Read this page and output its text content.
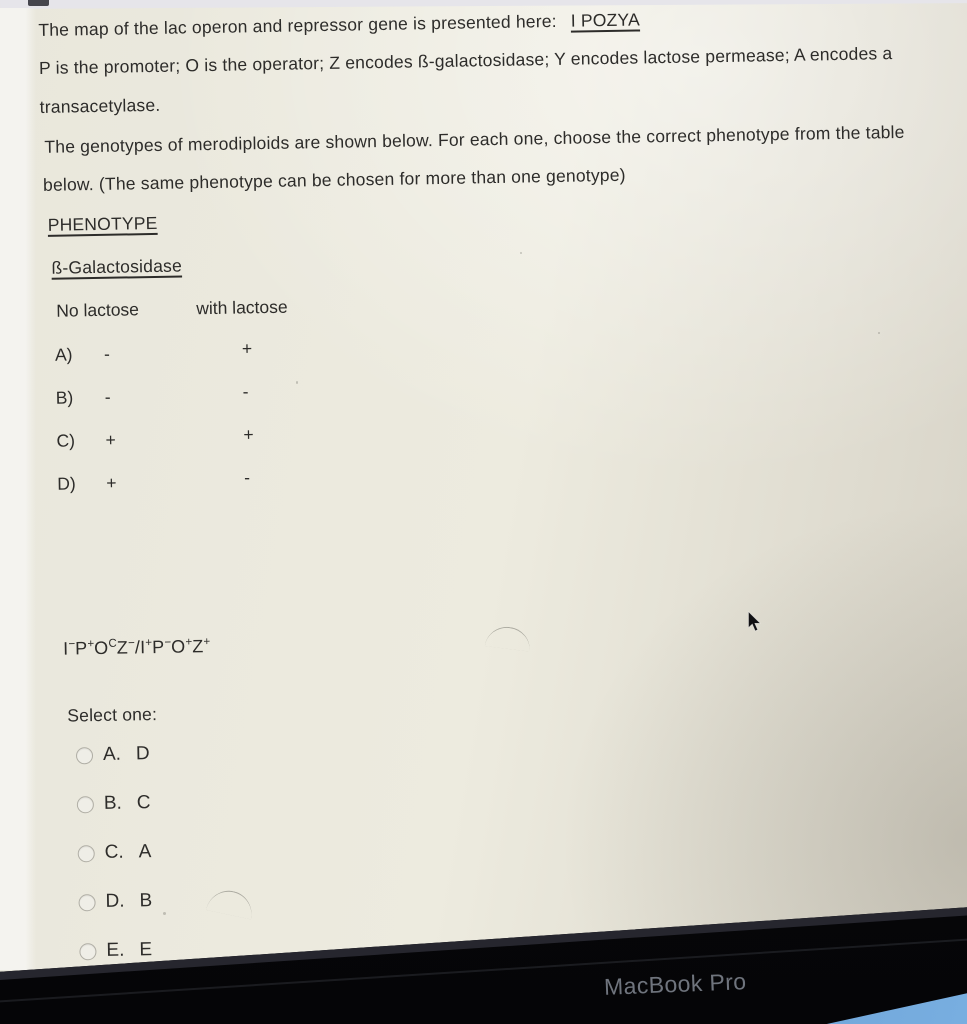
The map of the lac operon and repressor gene is presented here: I POZYA
P is the promoter; O is the operator; Z encodes ß-galactosidase; Y encodes lactose permease; A encodes a
transacetylase.
The genotypes of merodiploids are shown below. For each one, choose the correct phenotype from the table
below. (The same phenotype can be chosen for more than one genotype)
PHENOTYPE
ß-Galactosidase
No lactose	with lactose
A) -	+
B) -	-
C) +	+
D) +	-
$I^-P^+O^CZ^-/I^+P^-O^+Z^+$
Select one:
A. D
B. C
C. A
D. B
E. E
MacBook Pro
